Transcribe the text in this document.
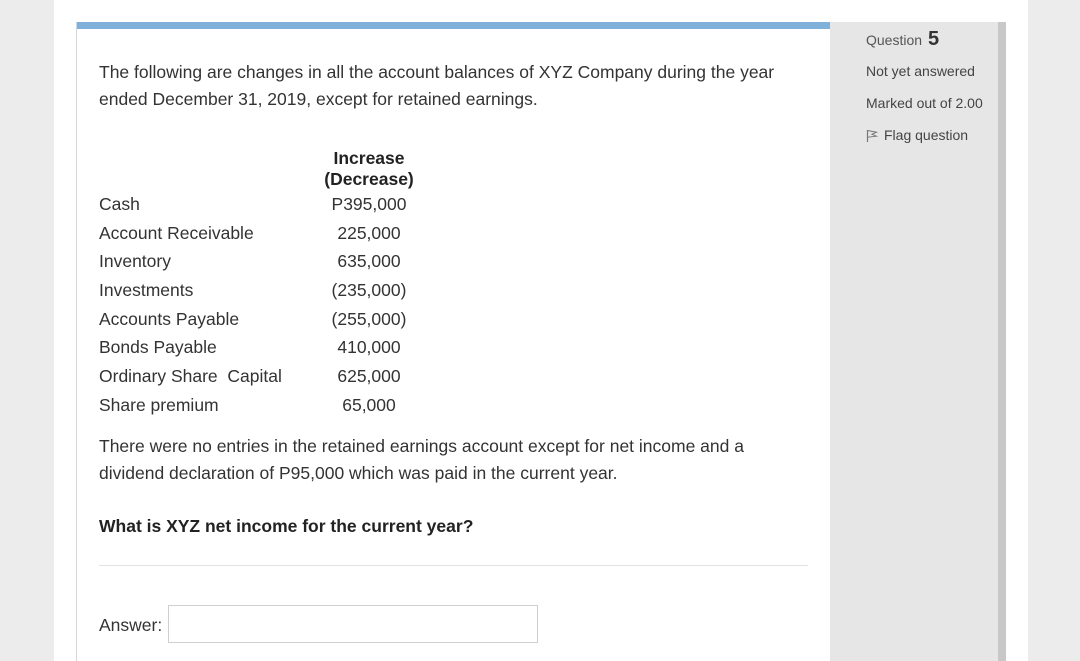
The following are changes in all the account balances of XYZ Company during the year ended December 31, 2019, except for retained earnings.

	Increase (Decrease)
Cash	P395,000
Account Receivable	225,000
Inventory	635,000
Investments	(235,000)
Accounts Payable	(255,000)
Bonds Payable	410,000
Ordinary Share  Capital	625,000
Share premium	65,000

There were no entries in the retained earnings account except for net income and a dividend declaration of P95,000 which was paid in the current year.

What is XYZ net income for the current year?

Answer:
Question 5
Not yet answered
Marked out of 2.00
Flag question
